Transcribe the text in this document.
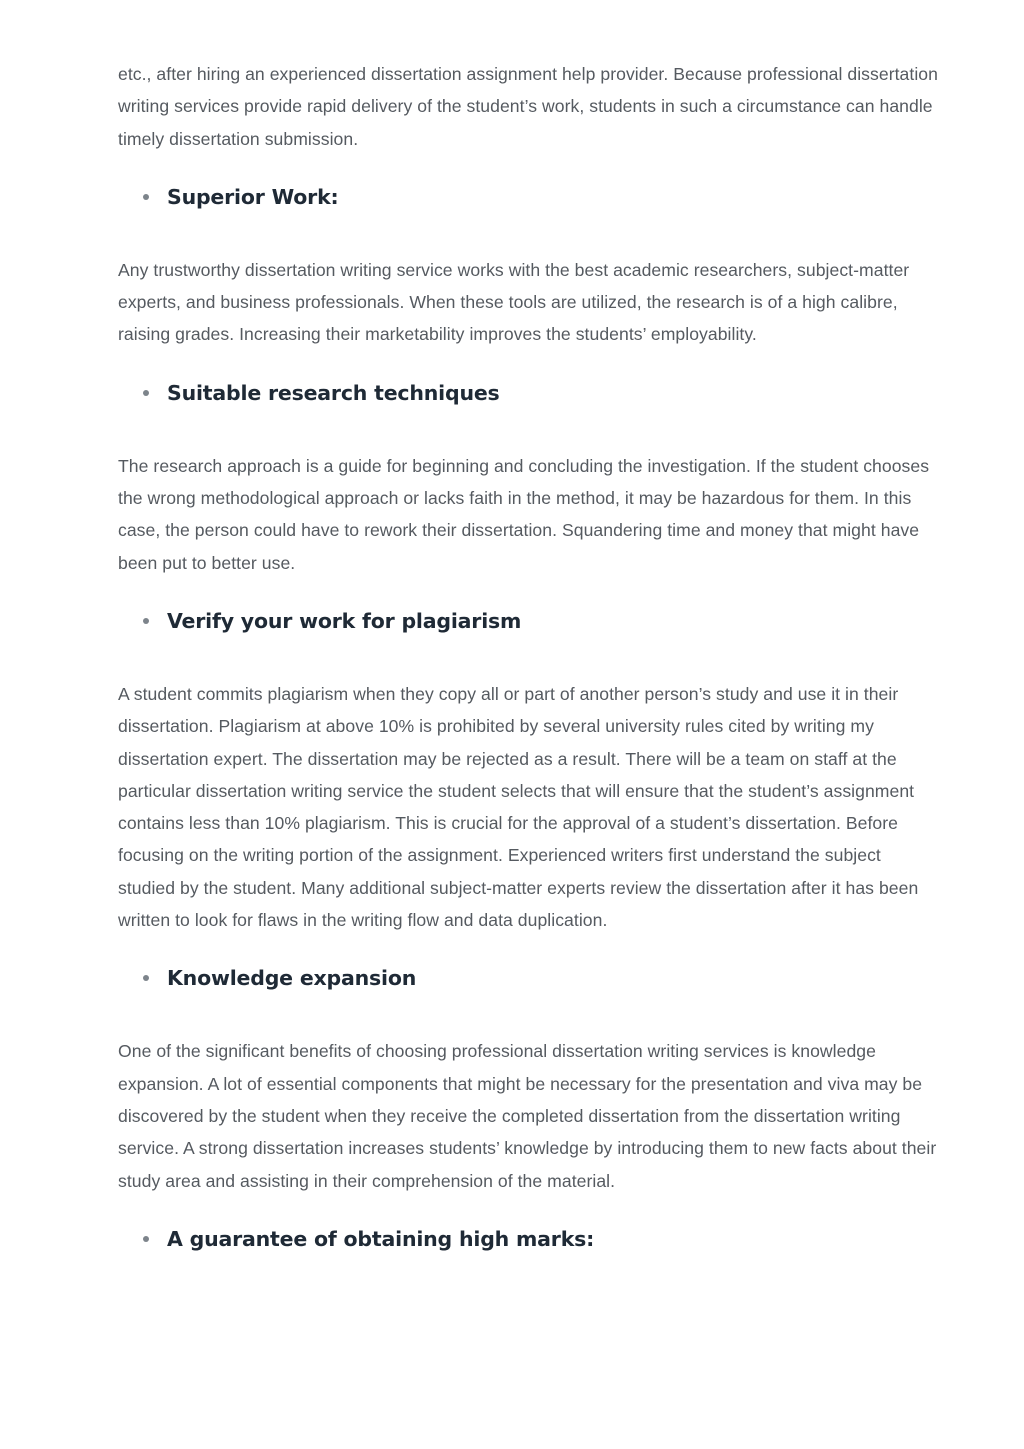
etc., after hiring an experienced dissertation assignment help provider. Because professional dissertation writing services provide rapid delivery of the student’s work, students in such a circumstance can handle timely dissertation submission.

Superior Work:

Any trustworthy dissertation writing service works with the best academic researchers, subject-matter experts, and business professionals. When these tools are utilized, the research is of a high calibre, raising grades. Increasing their marketability improves the students’ employability.

Suitable research techniques

The research approach is a guide for beginning and concluding the investigation. If the student chooses the wrong methodological approach or lacks faith in the method, it may be hazardous for them. In this case, the person could have to rework their dissertation. Squandering time and money that might have been put to better use.

Verify your work for plagiarism

A student commits plagiarism when they copy all or part of another person’s study and use it in their dissertation. Plagiarism at above 10% is prohibited by several university rules cited by writing my dissertation expert. The dissertation may be rejected as a result. There will be a team on staff at the particular dissertation writing service the student selects that will ensure that the student’s assignment contains less than 10% plagiarism. This is crucial for the approval of a student’s dissertation. Before focusing on the writing portion of the assignment. Experienced writers first understand the subject studied by the student. Many additional subject-matter experts review the dissertation after it has been written to look for flaws in the writing flow and data duplication.

Knowledge expansion

One of the significant benefits of choosing professional dissertation writing services is knowledge expansion. A lot of essential components that might be necessary for the presentation and viva may be discovered by the student when they receive the completed dissertation from the dissertation writing service. A strong dissertation increases students’ knowledge by introducing them to new facts about their study area and assisting in their comprehension of the material.

A guarantee of obtaining high marks:
